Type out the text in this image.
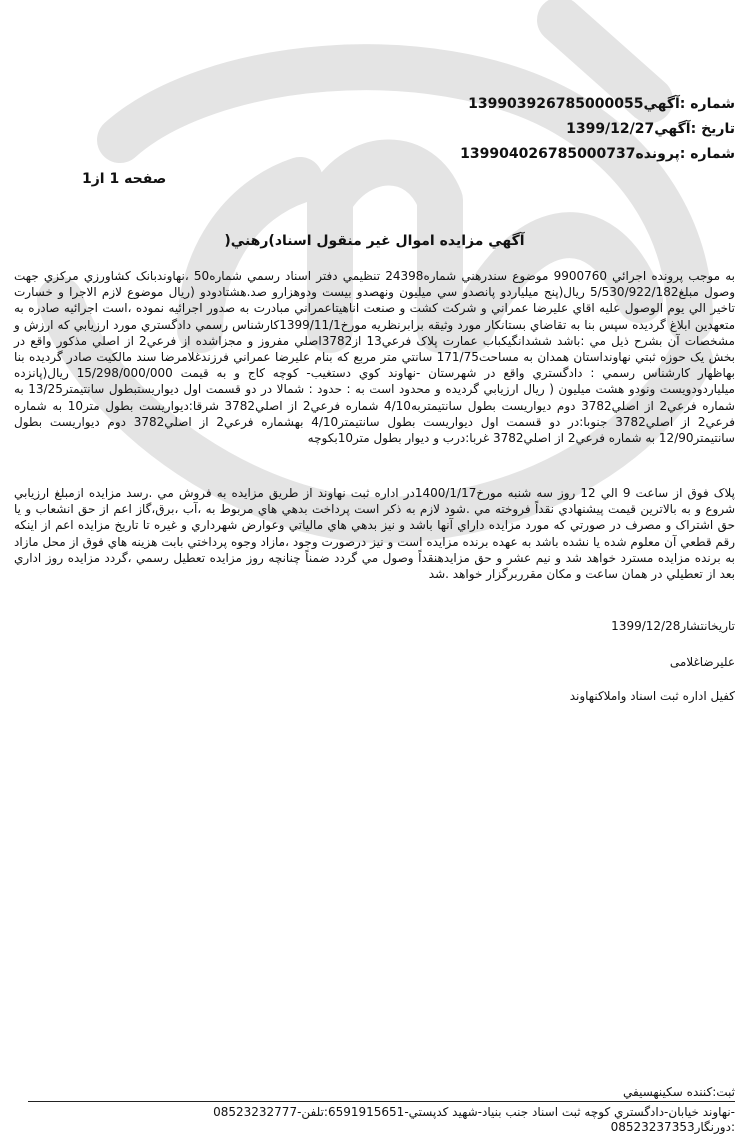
شماره :آگهي139903926785000055
تاريخ :آگهي1399/12/27
شماره :پرونده139904026785000737
صفحه 1 از1
آگهي مزايده اموال غير منقول اسناد)رهني(
به موجب پرونده اجرائي 9900760 موضوع سندرهني شماره24398 تنظيمي دفتر اسناد رسمي شماره50 ،نهاوندبانک کشاورزي مرکزي جهت وصول مبلغ5/530/922/182 ريال(پنج ميلياردو پانصدو سي ميليون ونهصدو بيست ودوهزارو صد.هشتادودو (ريال موضوع لازم الاجرا و خسارت تاخير الي يوم الوصول عليه اقاي عليرضا عمراني و شرکت کشت و صنعت اناهيتاعمراني مبادرت به صدور اجرائيه نموده ،است اجرائيه صادره به متعهدين ابلاغ گرديده سپس بنا به تقاضاي بستانکار مورد وثيقه برابرنظريه مورخ1399/11/1کارشناس رسمي دادگستري مورد ارزيابي که ارزش و مشخصات آن بشرح ذيل مي :باشد ششدانگيکباب عمارت پلاک فرعي13 از3782اصلي مفروز و مجزاشده از فرعي2 از اصلي مذکور واقع در بخش يک حوزه ثبتي نهاونداستان همدان به مساحت171/75 سانتي متر مربع که بنام عليرضا عمراني فرزندغلامرضا سند مالکيت صادر گرديده بنا بهاظهار کارشناس رسمي : دادگستري واقع در شهرستان -نهاوند کوي دستغيب- کوچه کاج و به قيمت 15/298/000/000 ريال(پانزده ميلياردودويست ونودو هشت ميليون ( ريال ارزيابي گرديده و محدود است به : حدود : شمالا در دو قسمت اول ديواريستبطول سانتيمتر13/25 به شماره فرعي2 از اصلي3782 دوم ديواريست بطول سانتيمتربه4/10 شماره فرعي2 از اصلي3782 شرقا:ديواريست بطول متر10 به شماره فرعي2 از اصلي3782 جنوبا:در دو قسمت اول ديواريست بطول سانتيمتر4/10 بهشماره فرعي2 از اصلي3782 دوم ديواريست بطول سانتيمتر12/90 به شماره فرعي2 از اصلي3782 غربا:درب و ديوار بطول متر10بکوچه
پلاک فوق از ساعت 9 الي 12 روز سه شنبه مورخ1400/1/17در اداره ثبت نهاوند از طريق مزايده به فروش مي .رسد مزايده ازمبلغ ارزيابي شروع و به بالاترين قيمت پيشنهادي نقداً فروخته مي .شود لازم به ذکر است پرداخت بدهي هاي مربوط به ،آب ،برق،گاز اعم از حق انشعاب و يا حق اشتراک و مصرف در صورتي که مورد مزايده داراي آنها باشد و نيز بدهي هاي مالياتي وعوارض شهرداري و غيره تا تاريخ مزايده اعم از اينکه رقم قطعي آن معلوم شده يا نشده باشد به عهده برنده مزايده است و نيز درصورت وجود ،مازاد وجوه پرداختي بابت هزينه هاي فوق از محل مازاد به برنده مزايده مسترد خواهد شد و نيم عشر و حق مزايدهنقداً وصول مي گردد ضمناً چنانچه روز مزايده تعطيل رسمي ،گردد مزايده روز اداري بعد از تعطيلي در همان ساعت و مکان مقرربرگزار خواهد .شد
تاريخانتشار1399/12/28
عليرضاغلامی
کفيل اداره ثبت اسناد واملاکنهاوند
ثبت:کننده سکينهسيفي
-نهاوند خيابان-دادگستري کوچه ثبت اسناد جنب بنياد-شهيد کدپستي-6591915651:تلفن-08523232777
:دورنگار08523237353
